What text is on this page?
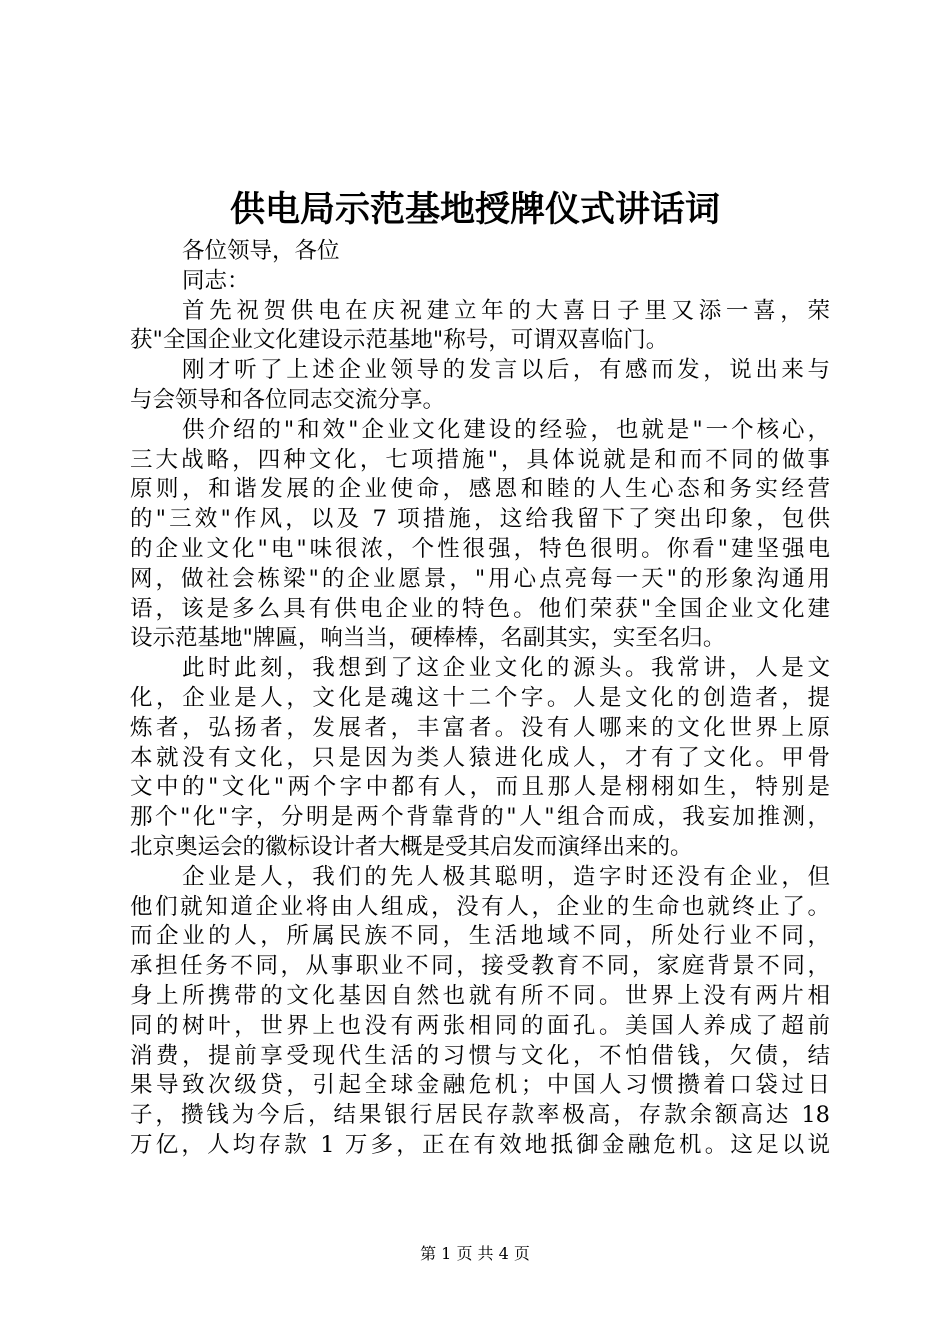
供电局示范基地授牌仪式讲话词
各位领导，各位
同志：
首先祝贺供电在庆祝建立年的大喜日子里又添一喜，荣
获"全国企业文化建设示范基地"称号，可谓双喜临门。
刚才听了上述企业领导的发言以后，有感而发，说出来与
与会领导和各位同志交流分享。
供介绍的"和效"企业文化建设的经验，也就是"一个核心，
三大战略，四种文化，七项措施"，具体说就是和而不同的做事
原则，和谐发展的企业使命，感恩和睦的人生心态和务实经营
的"三效"作风，以及 7 项措施，这给我留下了突出印象，包供
的企业文化"电"味很浓，个性很强，特色很明。你看"建坚强电
网，做社会栋梁"的企业愿景，"用心点亮每一天"的形象沟通用
语，该是多么具有供电企业的特色。他们荣获"全国企业文化建
设示范基地"牌匾，响当当，硬棒棒，名副其实，实至名归。
此时此刻，我想到了这企业文化的源头。我常讲，人是文
化，企业是人，文化是魂这十二个字。人是文化的创造者，提
炼者，弘扬者，发展者，丰富者。没有人哪来的文化世界上原
本就没有文化，只是因为类人猿进化成人，才有了文化。甲骨
文中的"文化"两个字中都有人，而且那人是栩栩如生，特别是
那个"化"字，分明是两个背靠背的"人"组合而成，我妄加推测，
北京奥运会的徽标设计者大概是受其启发而演绎出来的。
企业是人，我们的先人极其聪明，造字时还没有企业，但
他们就知道企业将由人组成，没有人，企业的生命也就终止了。
而企业的人，所属民族不同，生活地域不同，所处行业不同，
承担任务不同，从事职业不同，接受教育不同，家庭背景不同，
身上所携带的文化基因自然也就有所不同。世界上没有两片相
同的树叶，世界上也没有两张相同的面孔。美国人养成了超前
消费，提前享受现代生活的习惯与文化，不怕借钱，欠债，结
果导致次级贷，引起全球金融危机；中国人习惯攒着口袋过日
子，攒钱为今后，结果银行居民存款率极高，存款余额高达 18
万亿，人均存款 1 万多，正在有效地抵御金融危机。这足以说
第 1 页 共 4 页
